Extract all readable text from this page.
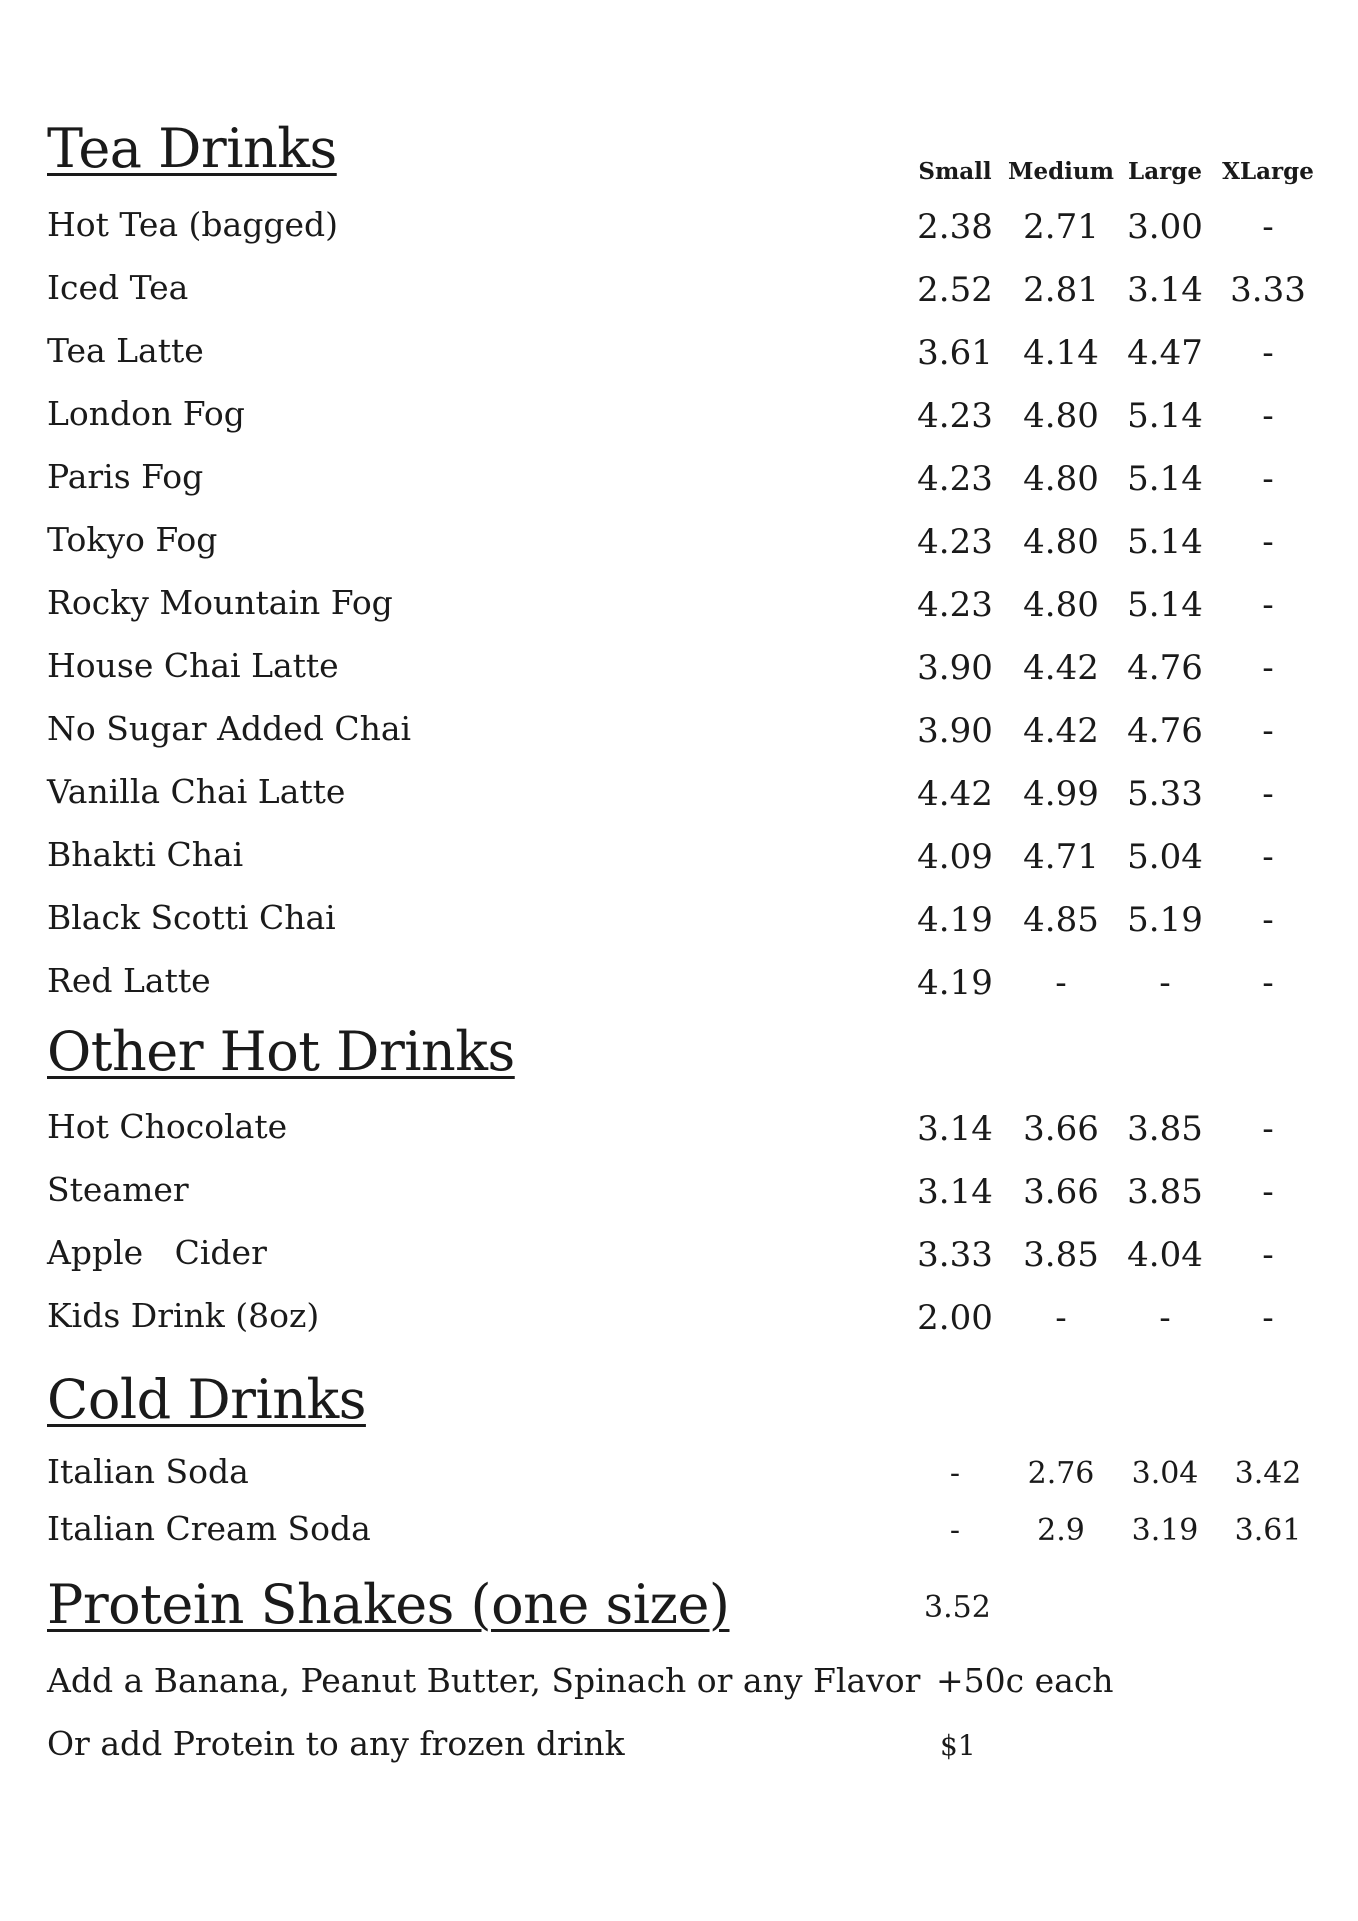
Tea Drinks	Small Medium Large XLarge
Hot Tea (bagged)	2.38 2.71 3.00 -
Iced Tea	2.52 2.81 3.14 3.33
Tea Latte	3.61 4.14 4.47 -
London Fog	4.23 4.80 5.14 -
Paris Fog	4.23 4.80 5.14 -
Tokyo Fog	4.23 4.80 5.14 -
Rocky Mountain Fog	4.23 4.80 5.14 -
House Chai Latte	3.90 4.42 4.76 -
No Sugar Added Chai	3.90 4.42 4.76 -
Vanilla Chai Latte	4.42 4.99 5.33 -
Bhakti Chai	4.09 4.71 5.04 -
Black Scotti Chai	4.19 4.85 5.19 -
Red Latte	4.19 -	-	-
Other Hot Drinks
Hot Chocolate	3.14 3.66 3.85 -
Steamer	3.14 3.66 3.85 -
Apple   Cider	3.33 3.85 4.04 -
Kids Drink (8oz)	2.00 -	-	-
Cold Drinks
Italian Soda	- 2.76 3.04 3.42
Italian Cream Soda	-	2.9 3.19 3.61
Protein Shakes (one size)	3.52
Add a Banana, Peanut Butter, Spinach or any Flavor +50c each
Or add Protein to any frozen drink	$1
